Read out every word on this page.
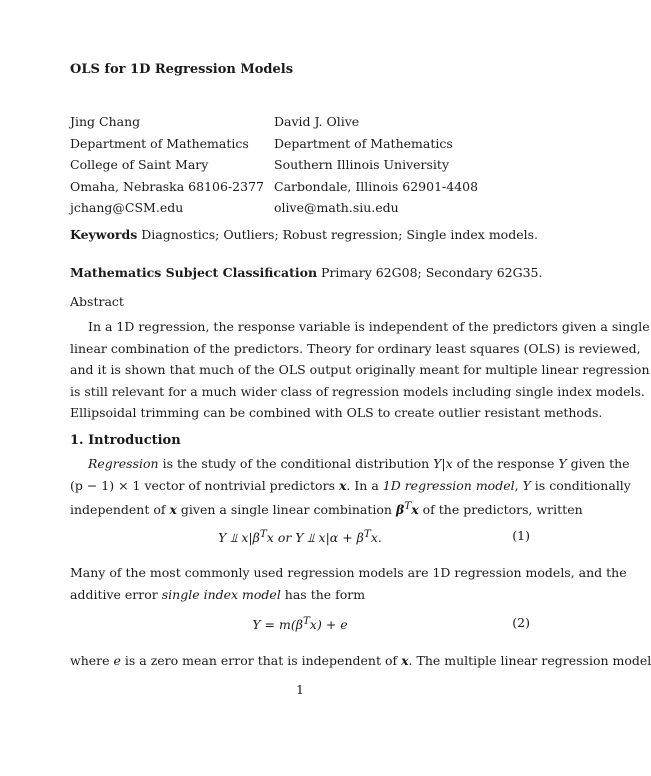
OLS for 1D Regression Models
Jing Chang
Department of Mathematics
College of Saint Mary
Omaha, Nebraska 68106-2377
jchang@CSM.edu
David J. Olive
Department of Mathematics
Southern Illinois University
Carbondale, Illinois 62901-4408
olive@math.siu.edu
Keywords Diagnostics; Outliers; Robust regression; Single index models.
Mathematics Subject Classification Primary 62G08; Secondary 62G35.
Abstract
In a 1D regression, the response variable is independent of the predictors given a single
linear combination of the predictors. Theory for ordinary least squares (OLS) is reviewed,
and it is shown that much of the OLS output originally meant for multiple linear regression
is still relevant for a much wider class of regression models including single index models.
Ellipsoidal trimming can be combined with OLS to create outlier resistant methods.
1. Introduction
Regression is the study of the conditional distribution Y|x of the response Y given the
(p − 1) × 1 vector of nontrivial predictors x. In a 1D regression model, Y is conditionally
independent of x given a single linear combination $\beta^Tx$ of the predictors, written
Y ⫫ $x|\beta^Tx$ or Y ⫫ $x|\alpha + \beta^Tx$.	(1)
Many of the most commonly used regression models are 1D regression models, and the
additive error single index model has the form
$Y = m(\beta^Tx) + e$	(2)
where e is a zero mean error that is independent of x. The multiple linear regression model
1
